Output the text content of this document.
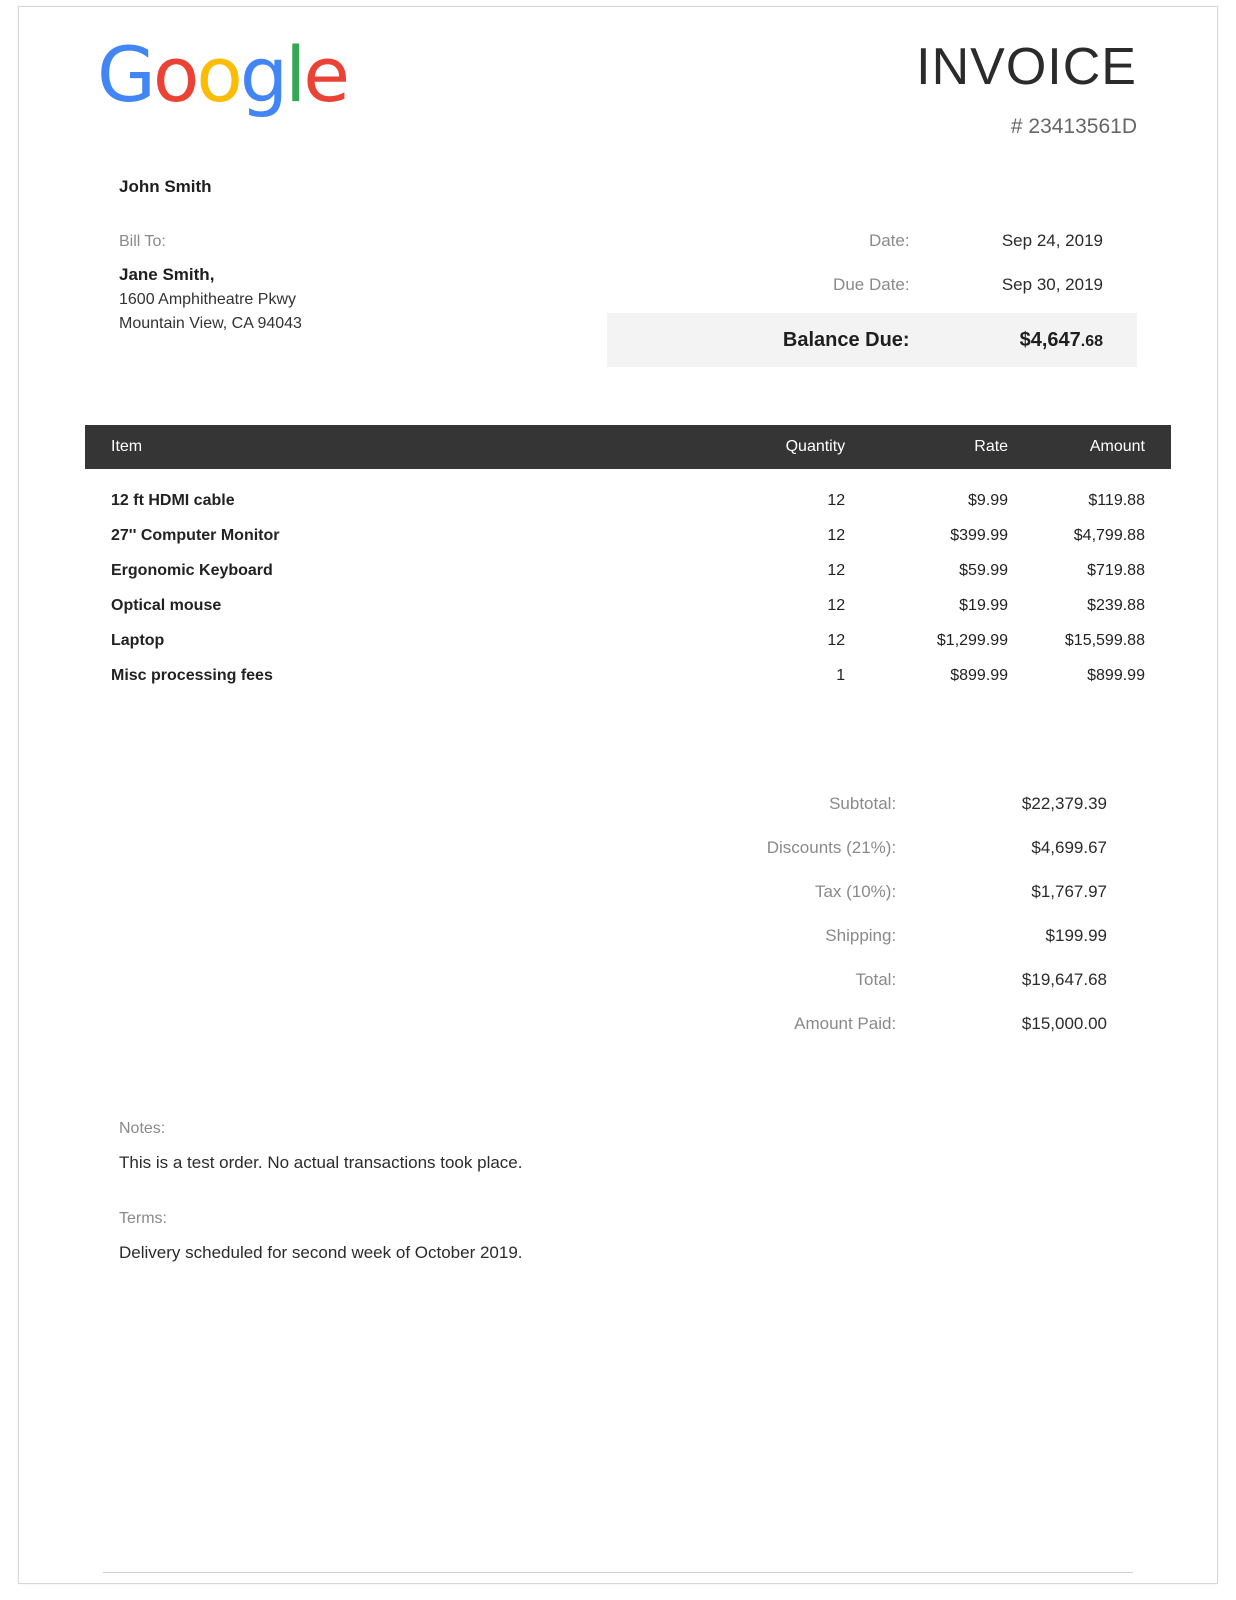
Google	INVOICE
# 23413561D
John Smith
Bill To:
Jane Smith,
1600 Amphitheatre Pkwy
Mountain View, CA 94043
Date:	Sep 24, 2019
Due Date:	Sep 30, 2019
Balance Due:	$4,647.68
Item	Quantity	Rate	Amount
12 ft HDMI cable	12	$9.99	$119.88
27'' Computer Monitor	12	$399.99	$4,799.88
Ergonomic Keyboard	12	$59.99	$719.88
Optical mouse	12	$19.99	$239.88
Laptop	12	$1,299.99	$15,599.88
Misc processing fees	1	$899.99	$899.99
Subtotal:	$22,379.39
Discounts (21%):	$4,699.67
Tax (10%):	$1,767.97
Shipping:	$199.99
Total:	$19,647.68
Amount Paid:	$15,000.00
Notes:
This is a test order. No actual transactions took place.
Terms:
Delivery scheduled for second week of October 2019.
